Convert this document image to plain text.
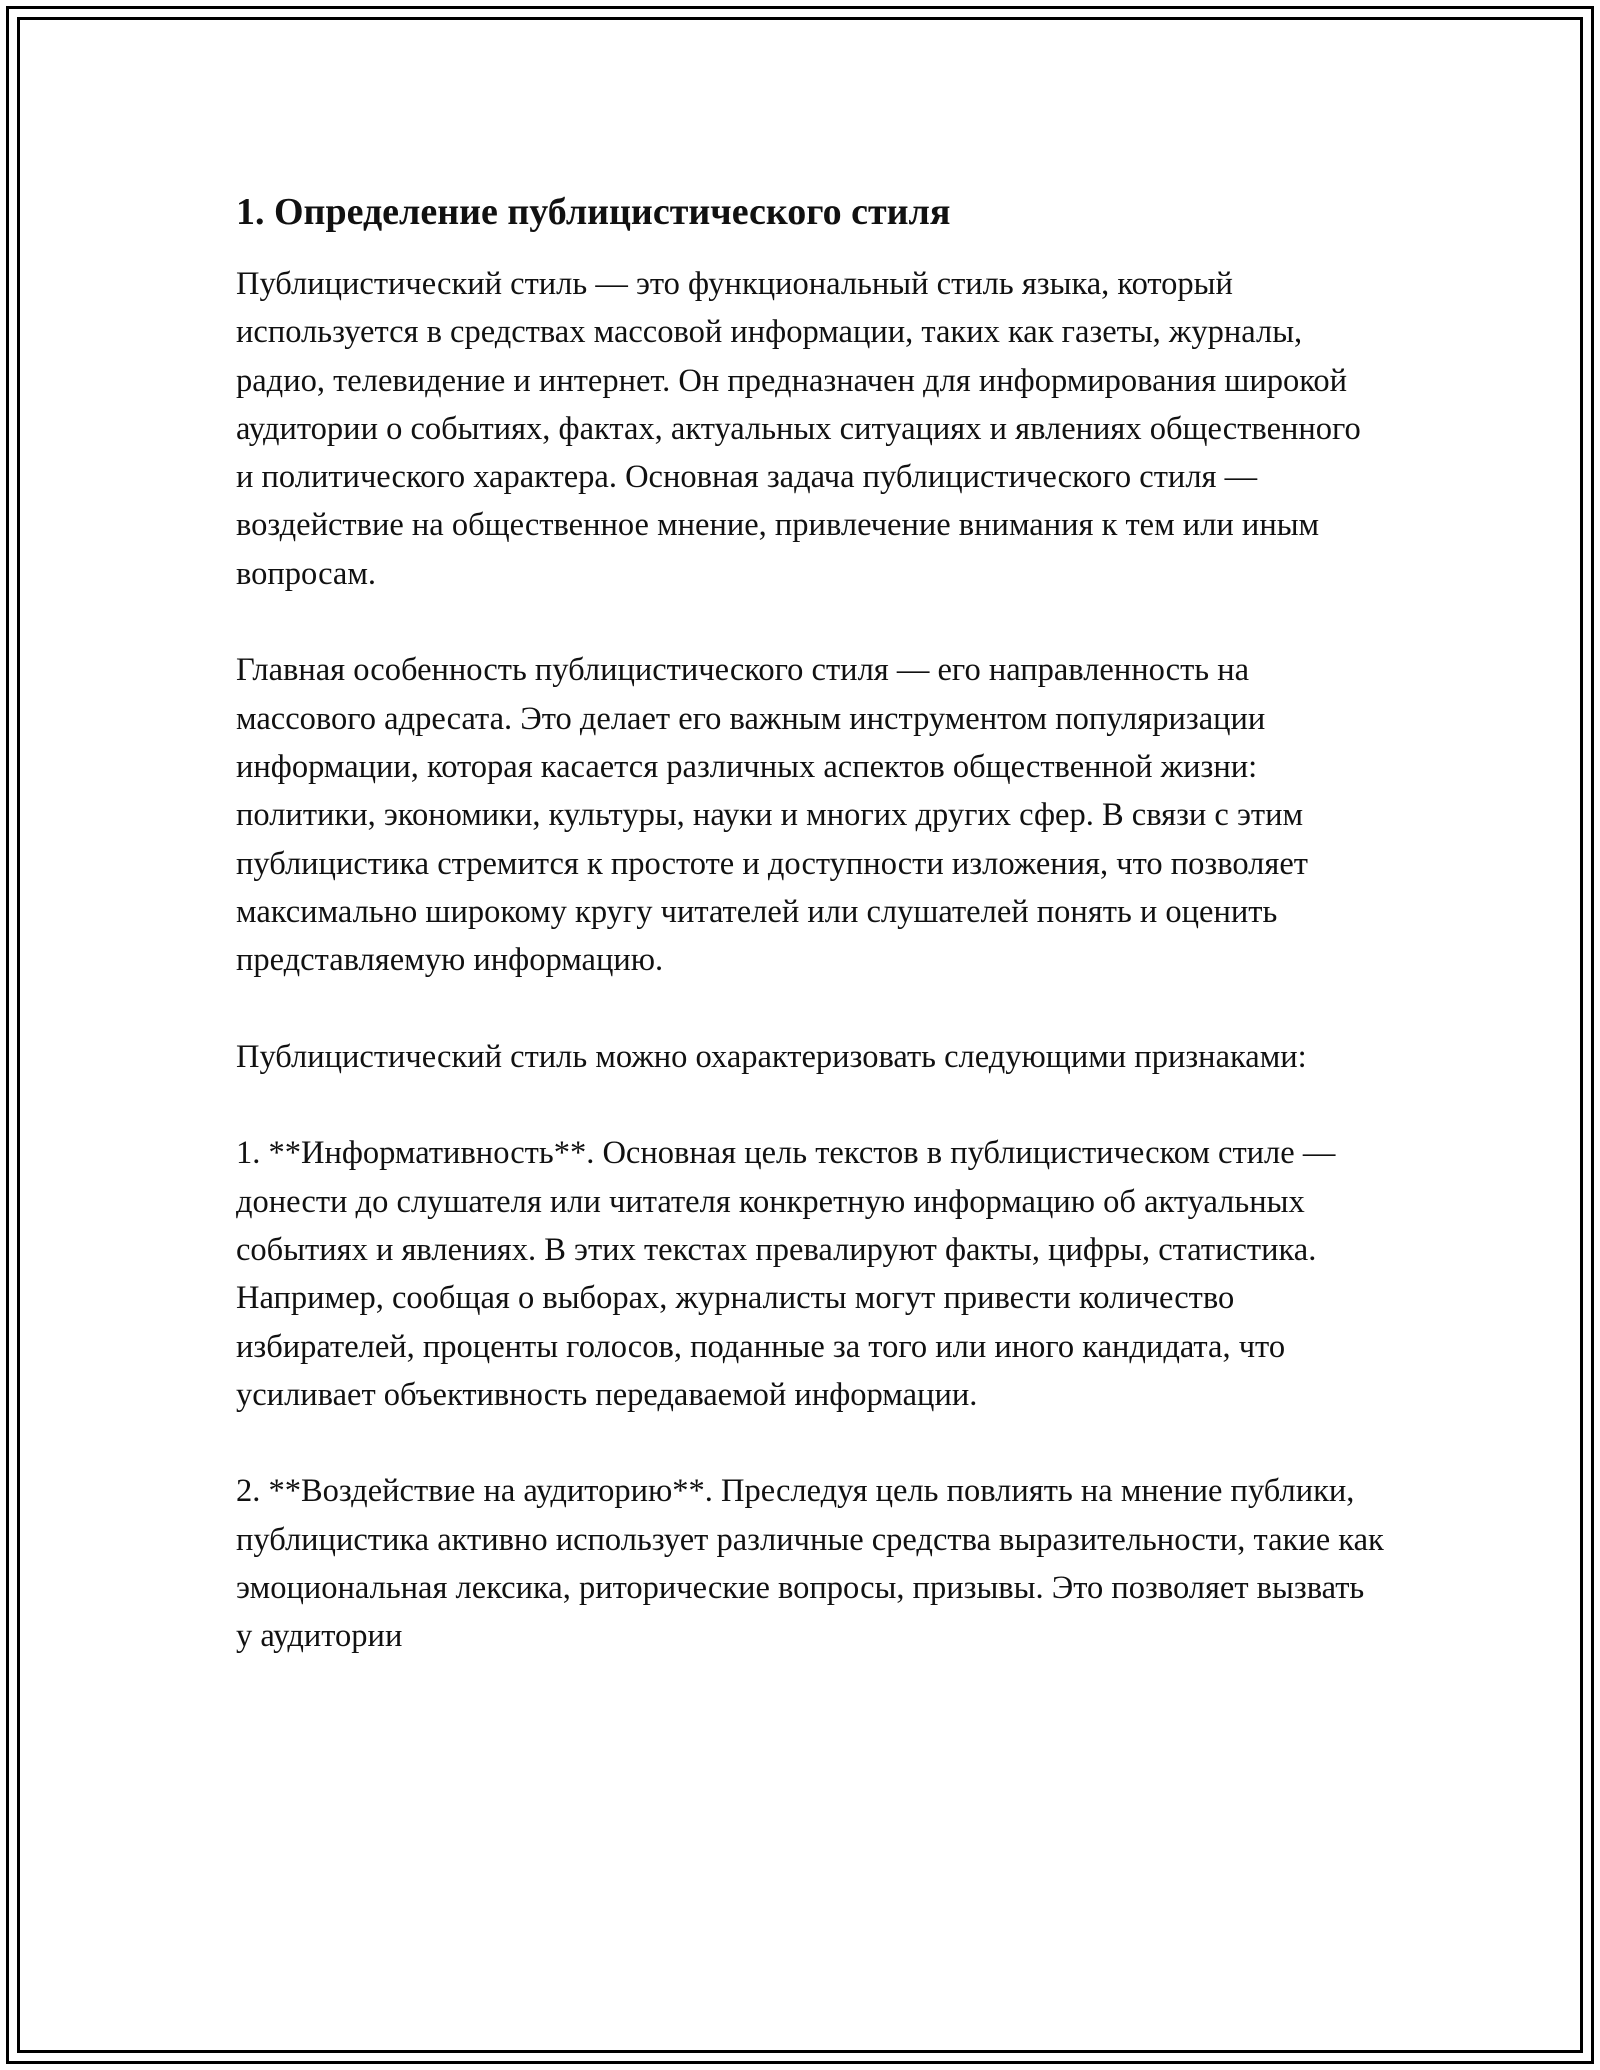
1. Определение публицистического стиля

Публицистический стиль — это функциональный стиль языка, который используется в средствах массовой информации, таких как газеты, журналы, радио, телевидение и интернет. Он предназначен для информирования широкой аудитории о событиях, фактах, актуальных ситуациях и явлениях общественного и политического характера. Основная задача публицистического стиля — воздействие на общественное мнение, привлечение внимания к тем или иным вопросам.

Главная особенность публицистического стиля — его направленность на массового адресата. Это делает его важным инструментом популяризации информации, которая касается различных аспектов общественной жизни: политики, экономики, культуры, науки и многих других сфер. В связи с этим публицистика стремится к простоте и доступности изложения, что позволяет максимально широкому кругу читателей или слушателей понять и оценить представляемую информацию.

Публицистический стиль можно охарактеризовать следующими признаками:

1. **Информативность**. Основная цель текстов в публицистическом стиле — донести до слушателя или читателя конкретную информацию об актуальных событиях и явлениях. В этих текстах превалируют факты, цифры, статистика. Например, сообщая о выборах, журналисты могут привести количество избирателей, проценты голосов, поданные за того или иного кандидата, что усиливает объективность передаваемой информации.

2. **Воздействие на аудиторию**. Преследуя цель повлиять на мнение публики, публицистика активно использует различные средства выразительности, такие как эмоциональная лексика, риторические вопросы, призывы. Это позволяет вызвать у аудитории
